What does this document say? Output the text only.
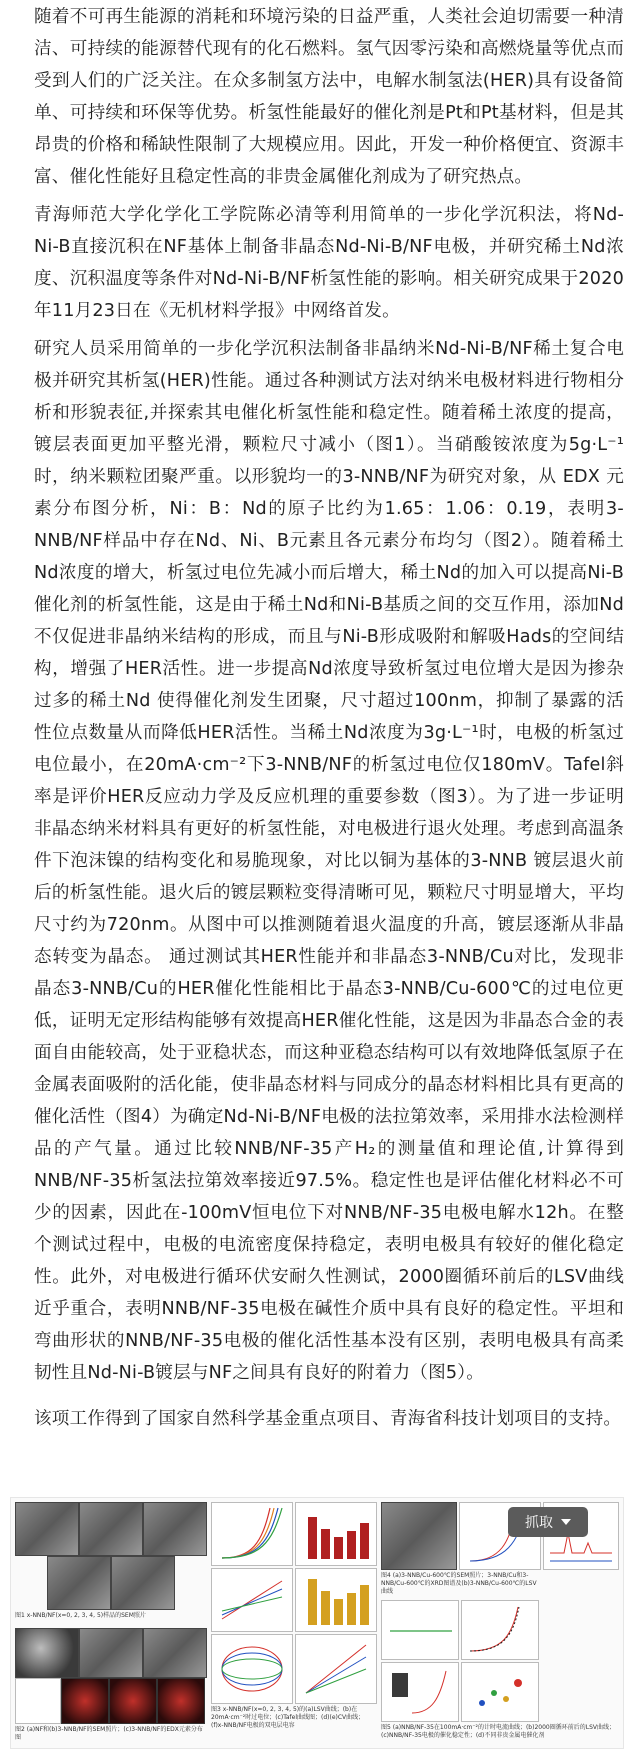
随着不可再生能源的消耗和环境污染的日益严重，人类社会迫切需要一种清洁、可持续的能源替代现有的化石燃料。氢气因零污染和高燃烧量等优点而受到人们的广泛关注。在众多制氢方法中，电解水制氢法(HER)具有设备简单、可持续和环保等优势。析氢性能最好的催化剂是Pt和Pt基材料，但是其昂贵的价格和稀缺性限制了大规模应用。因此，开发一种价格便宜、资源丰富、催化性能好且稳定性高的非贵金属催化剂成为了研究热点。

青海师范大学化学化工学院陈必清等利用简单的一步化学沉积法，将Nd-Ni-B直接沉积在NF基体上制备非晶态Nd-Ni-B/NF电极，并研究稀土Nd浓度、沉积温度等条件对Nd-Ni-B/NF析氢性能的影响。相关研究成果于2020年11月23日在《无机材料学报》中网络首发。

研究人员采用简单的一步化学沉积法制备非晶纳米Nd-Ni-B/NF稀土复合电极并研究其析氢(HER)性能。通过各种测试方法对纳米电极材料进行物相分析和形貌表征,并探索其电催化析氢性能和稳定性。随着稀土浓度的提高，镀层表面更加平整光滑，颗粒尺寸减小（图1）。当硝酸铵浓度为5g·L⁻¹时，纳米颗粒团聚严重。以形貌均一的3-NNB/NF为研究对象，从 EDX 元素分布图分析，Ni：B：Nd的原子比约为1.65：1.06：0.19，表明3-NNB/NF样品中存在Nd、Ni、B元素且各元素分布均匀（图2）。随着稀土Nd浓度的增大，析氢过电位先减小而后增大，稀土Nd的加入可以提高Ni-B催化剂的析氢性能，这是由于稀土Nd和Ni-B基质之间的交互作用，添加Nd不仅促进非晶纳米结构的形成，而且与Ni-B形成吸附和解吸Hads的空间结构，增强了HER活性。进一步提高Nd浓度导致析氢过电位增大是因为掺杂过多的稀土Nd 使得催化剂发生团聚，尺寸超过100nm，抑制了暴露的活性位点数量从而降低HER活性。当稀土Nd浓度为3g·L⁻¹时，电极的析氢过电位最小，在20mA·cm⁻²下3-NNB/NF的析氢过电位仅180mV。Tafel斜率是评价HER反应动力学及反应机理的重要参数（图3）。为了进一步证明非晶态纳米材料具有更好的析氢性能，对电极进行退火处理。考虑到高温条件下泡沫镍的结构变化和易脆现象，对比以铜为基体的3-NNB 镀层退火前后的析氢性能。退火后的镀层颗粒变得清晰可见，颗粒尺寸明显增大，平均尺寸约为720nm。从图中可以推测随着退火温度的升高，镀层逐渐从非晶态转变为晶态。 通过测试其HER性能并和非晶态3-NNB/Cu对比，发现非晶态3-NNB/Cu的HER催化性能相比于晶态3-NNB/Cu-600℃的过电位更低，证明无定形结构能够有效提高HER催化性能，这是因为非晶态合金的表面自由能较高，处于亚稳状态，而这种亚稳态结构可以有效地降低氢原子在金属表面吸附的活化能，使非晶态材料与同成分的晶态材料相比具有更高的催化活性（图4）为确定Nd-Ni-B/NF电极的法拉第效率，采用排水法检测样品的产气量。通过比较NNB/NF-35产H₂的测量值和理论值,计算得到NNB/NF-35析氢法拉第效率接近97.5%。稳定性也是评估催化材料必不可少的因素，因此在-100mV恒电位下对NNB/NF-35电极电解水12h。在整个测试过程中，电极的电流密度保持稳定，表明电极具有较好的催化稳定性。此外，对电极进行循环伏安耐久性测试，2000圈循环前后的LSV曲线近乎重合，表明NNB/NF-35电极在碱性介质中具有良好的稳定性。平坦和弯曲形状的NNB/NF-35电极的催化活性基本没有区别，表明电极具有高柔韧性且Nd-Ni-B镀层与NF之间具有良好的附着力（图5）。

该项工作得到了国家自然科学基金重点项目、青海省科技计划项目的支持。

图1 x-NNB/NF(x=0, 2, 3, 4, 5)样品的SEM照片
图2 (a)NF和(b)3-NNB/NF的SEM照片；(c)3-NNB/NF的EDX元素分布图
图3 x-NNB/NF(x=0, 2, 3, 4, 5)的(a)LSV曲线；(b)在20mA·cm⁻²时过电位；(c)Tafel曲线图；(d)(e)CV曲线；(f)x-NNB/NF电极的双电层电容
图4 (a)3-NNB/Cu-600℃的SEM照片；3-NNB/Cu和3-NNB/Cu-600℃的XRD图谱及(b)3-NNB/Cu-600℃的LSV曲线
图5 (a)NNB/NF-35在100mA·cm⁻²的计时电流曲线；(b)2000圈循环前后的LSV曲线；(c)NNB/NF-35电极的催化稳定性；(d)不同非贵金属电催化剂
抓取
